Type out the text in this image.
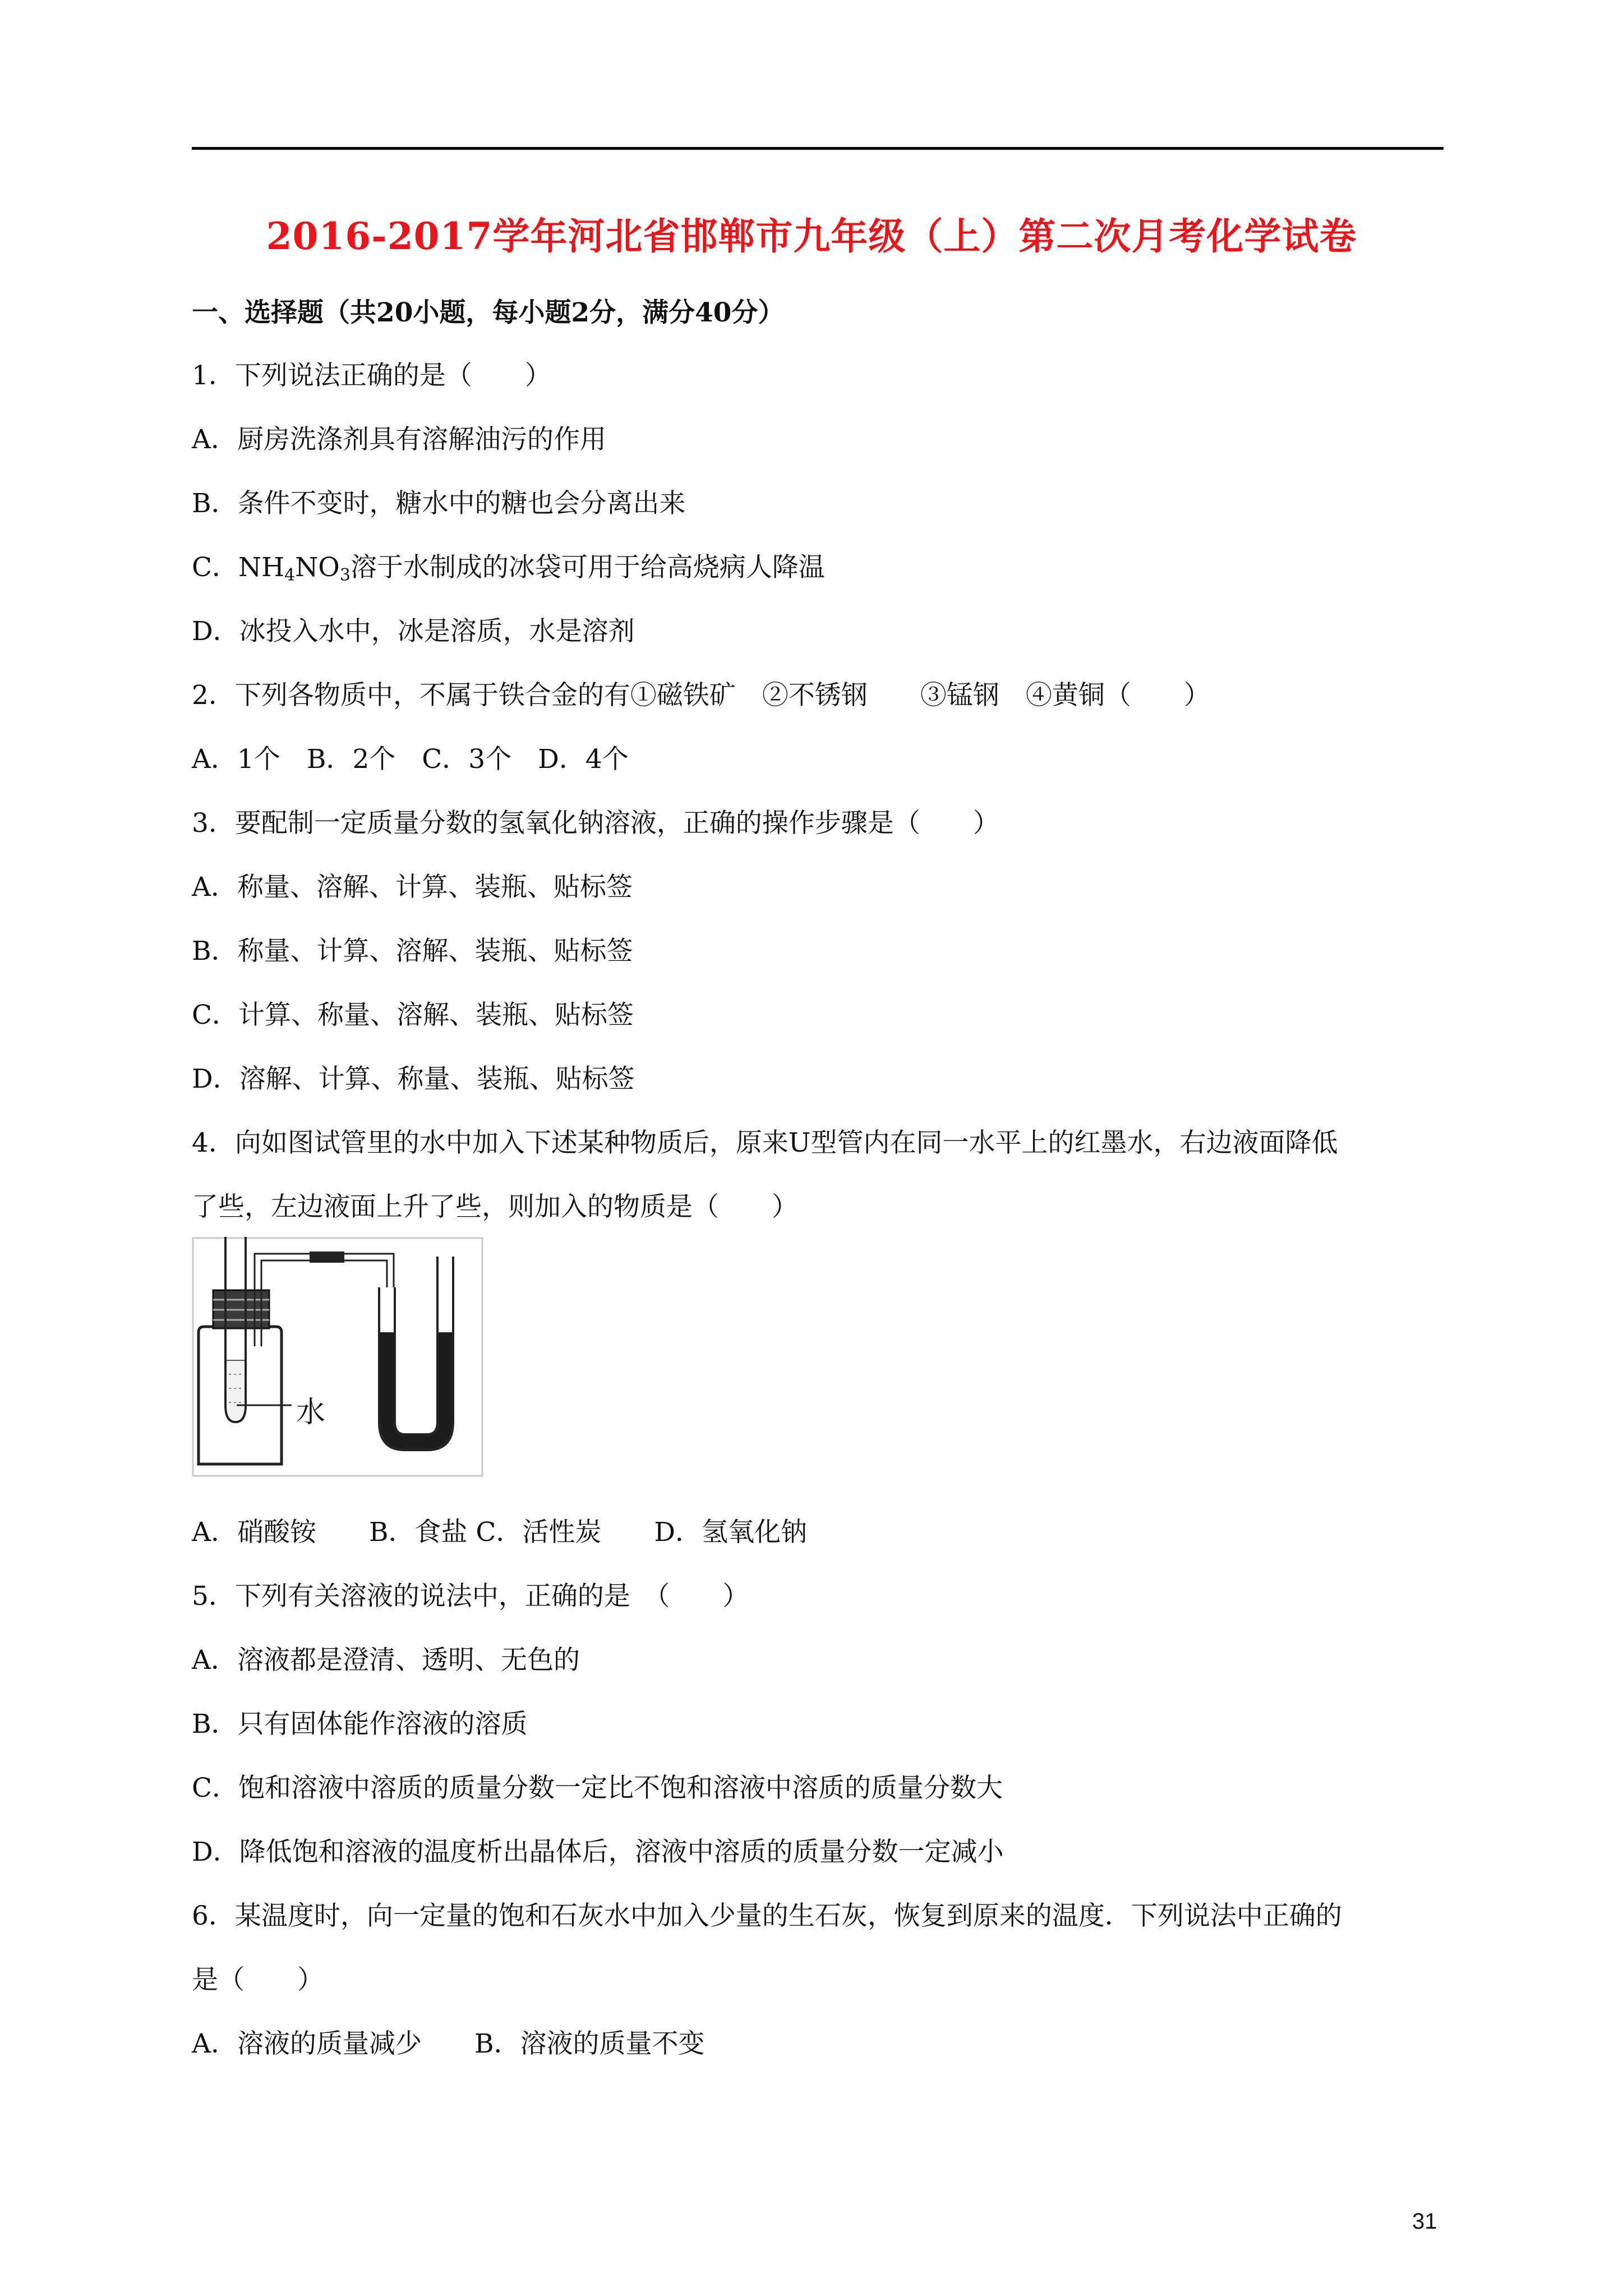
2016-2017学年河北省邯郸市九年级（上）第二次月考化学试卷
一、选择题（共20小题，每小题2分，满分40分）
1．下列说法正确的是（　　）
A．厨房洗涤剂具有溶解油污的作用
B．条件不变时，糖水中的糖也会分离出来
C．$NH_4NO_3$溶于水制成的冰袋可用于给高烧病人降温
D．冰投入水中，冰是溶质，水是溶剂
2．下列各物质中，不属于铁合金的有①磁铁矿　②不锈钢　　③锰钢　④黄铜（　　）
A．1个　B．2个　C．3个　D．4个
3．要配制一定质量分数的氢氧化钠溶液，正确的操作步骤是（　　）
A．称量、溶解、计算、装瓶、贴标签
B．称量、计算、溶解、装瓶、贴标签
C．计算、称量、溶解、装瓶、贴标签
D．溶解、计算、称量、装瓶、贴标签
4．向如图试管里的水中加入下述某种物质后，原来U型管内在同一水平上的红墨水，右边液面降低
了些，左边液面上升了些，则加入的物质是（　　）
水
A．硝酸铵　　B．食盐 C．活性炭　　D．氢氧化钠
5．下列有关溶液的说法中，正确的是　（　　）
A．溶液都是澄清、透明、无色的
B．只有固体能作溶液的溶质
C．饱和溶液中溶质的质量分数一定比不饱和溶液中溶质的质量分数大
D．降低饱和溶液的温度析出晶体后，溶液中溶质的质量分数一定减小
6．某温度时，向一定量的饱和石灰水中加入少量的生石灰，恢复到原来的温度．下列说法中正确的
是（　　）
A．溶液的质量减少　　B．溶液的质量不变
31
